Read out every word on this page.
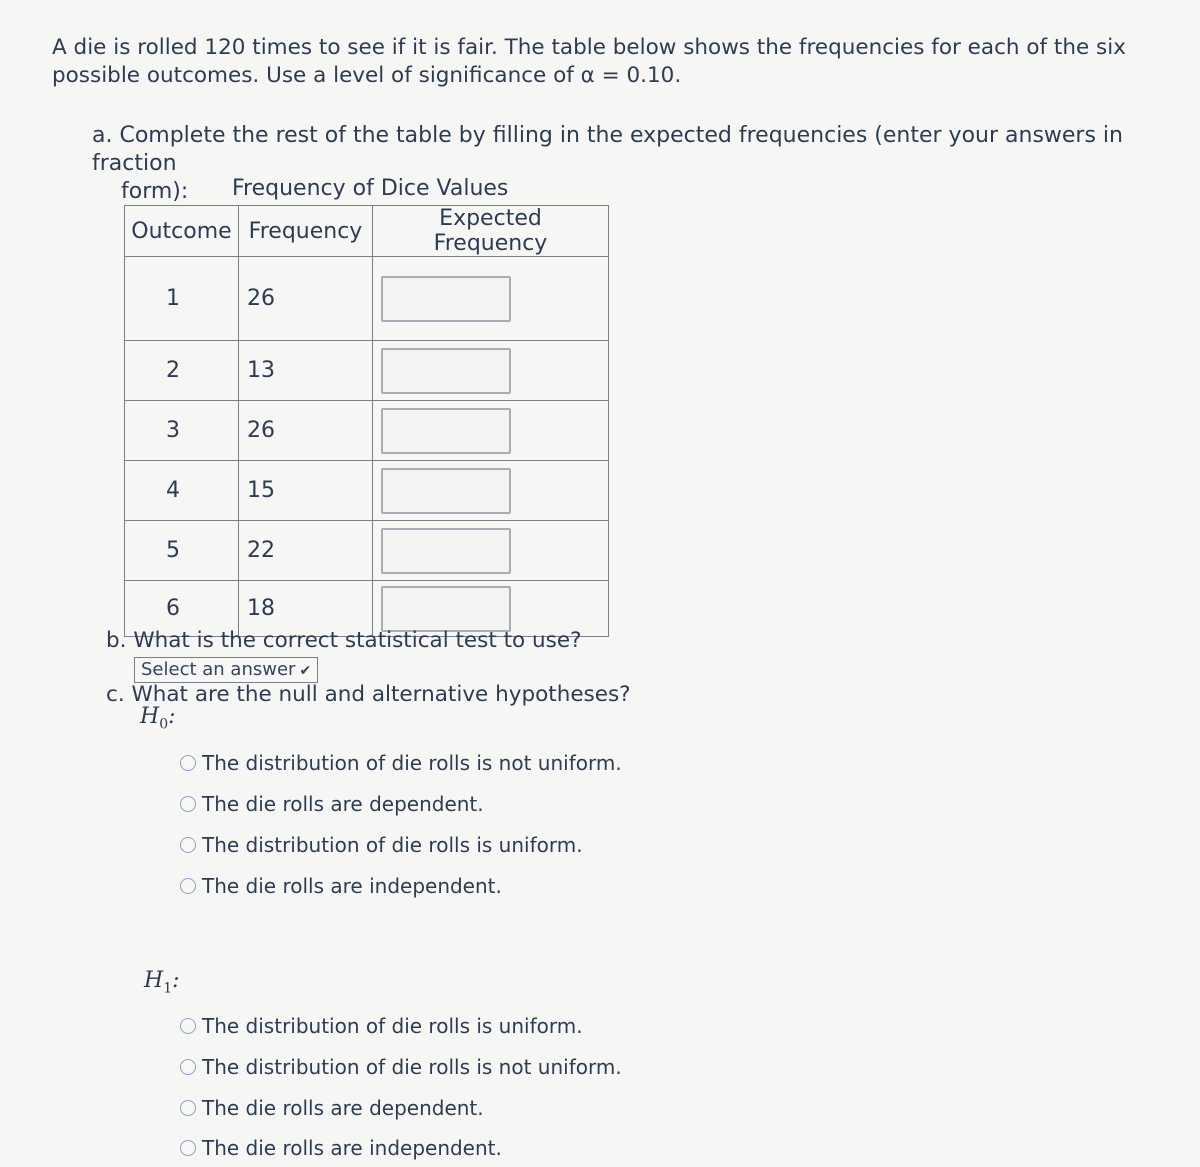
A die is rolled 120 times to see if it is fair. The table below shows the frequencies for each of the six
possible outcomes. Use a level of significance of α = 0.10.
a. Complete the rest of the table by filling in the expected frequencies (enter your answers in fraction
form):	Frequency of Dice Values
Outcome	Frequency	Expected Frequency
1	26	

2	13	

3	26	

4	15	

5	22	

6	18	
b. What is the correct statistical test to use?
Select an answer ✔
c. What are the null and alternative hypotheses?
$H_0$:
The distribution of die rolls is not uniform.
The die rolls are dependent.
The distribution of die rolls is uniform.
The die rolls are independent.
$H_1$:
The distribution of die rolls is uniform.
The distribution of die rolls is not uniform.
The die rolls are dependent.
The die rolls are independent.
